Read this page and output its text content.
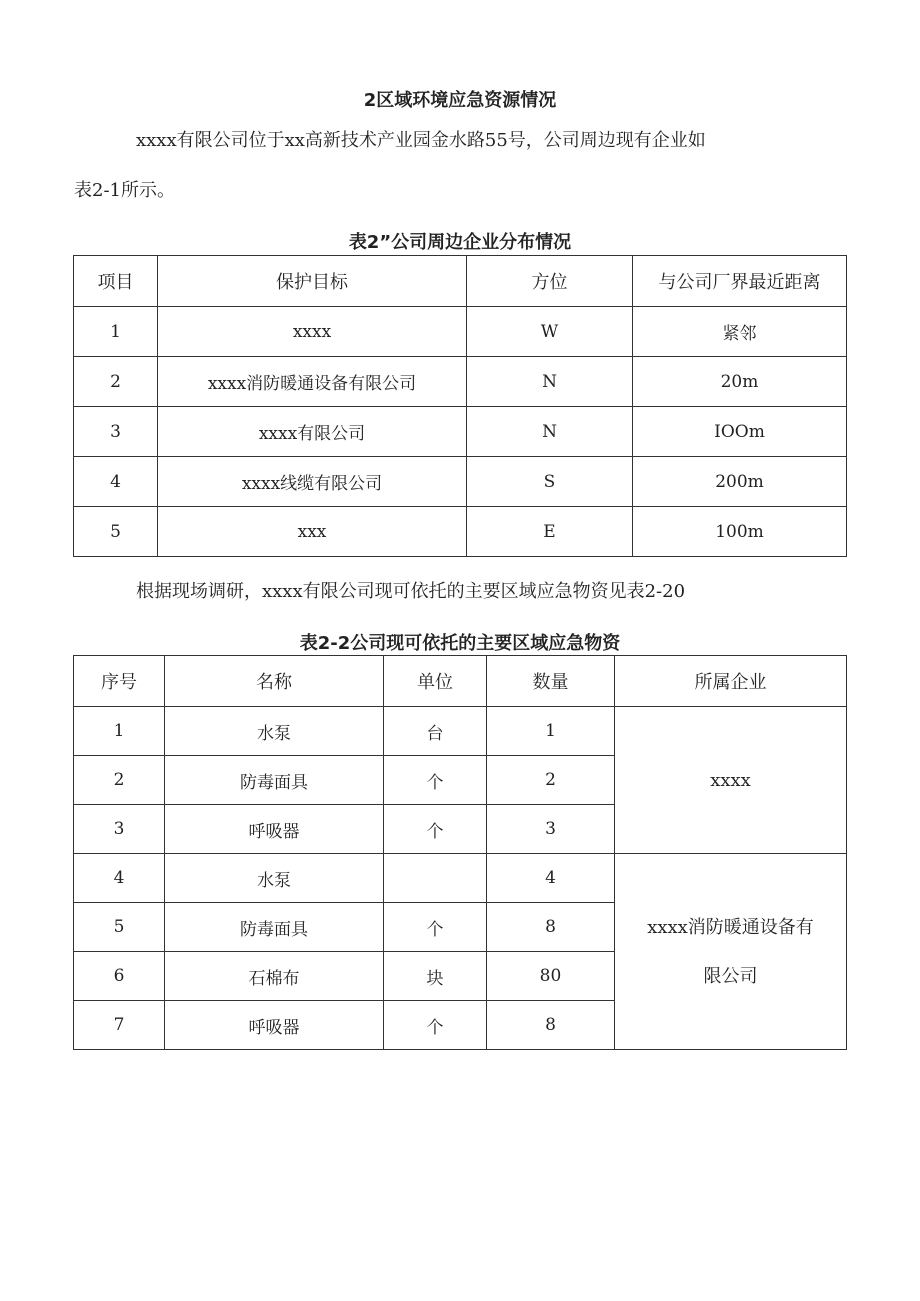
2区域环境应急资源情况
xxxx有限公司位于xx高新技术产业园金水路55号，公司周边现有企业如
表2-1所示。
表2”公司周边企业分布情况
项目	保护目标	方位	与公司厂界最近距离
1	xxxx	W	紧邻
2	xxxx消防暖通设备有限公司	N	20m
3	xxxx有限公司	N	IOOm
4	xxxx线缆有限公司	S	200m
5	xxx	E	100m
根据现场调研，xxxx有限公司现可依托的主要区域应急物资见表2-20
表2-2公司现可依托的主要区域应急物资
序号	名称	单位	数量	所属企业
1	水泵	台	1	xxxx
2	防毒面具	个	2	
3	呼吸器	个	3	
4	水泵		4	xxxx消防暖通设备有
限公司

5	防毒面具	个	8	
6	石棉布	块	80	
7	呼吸器	个	8	
